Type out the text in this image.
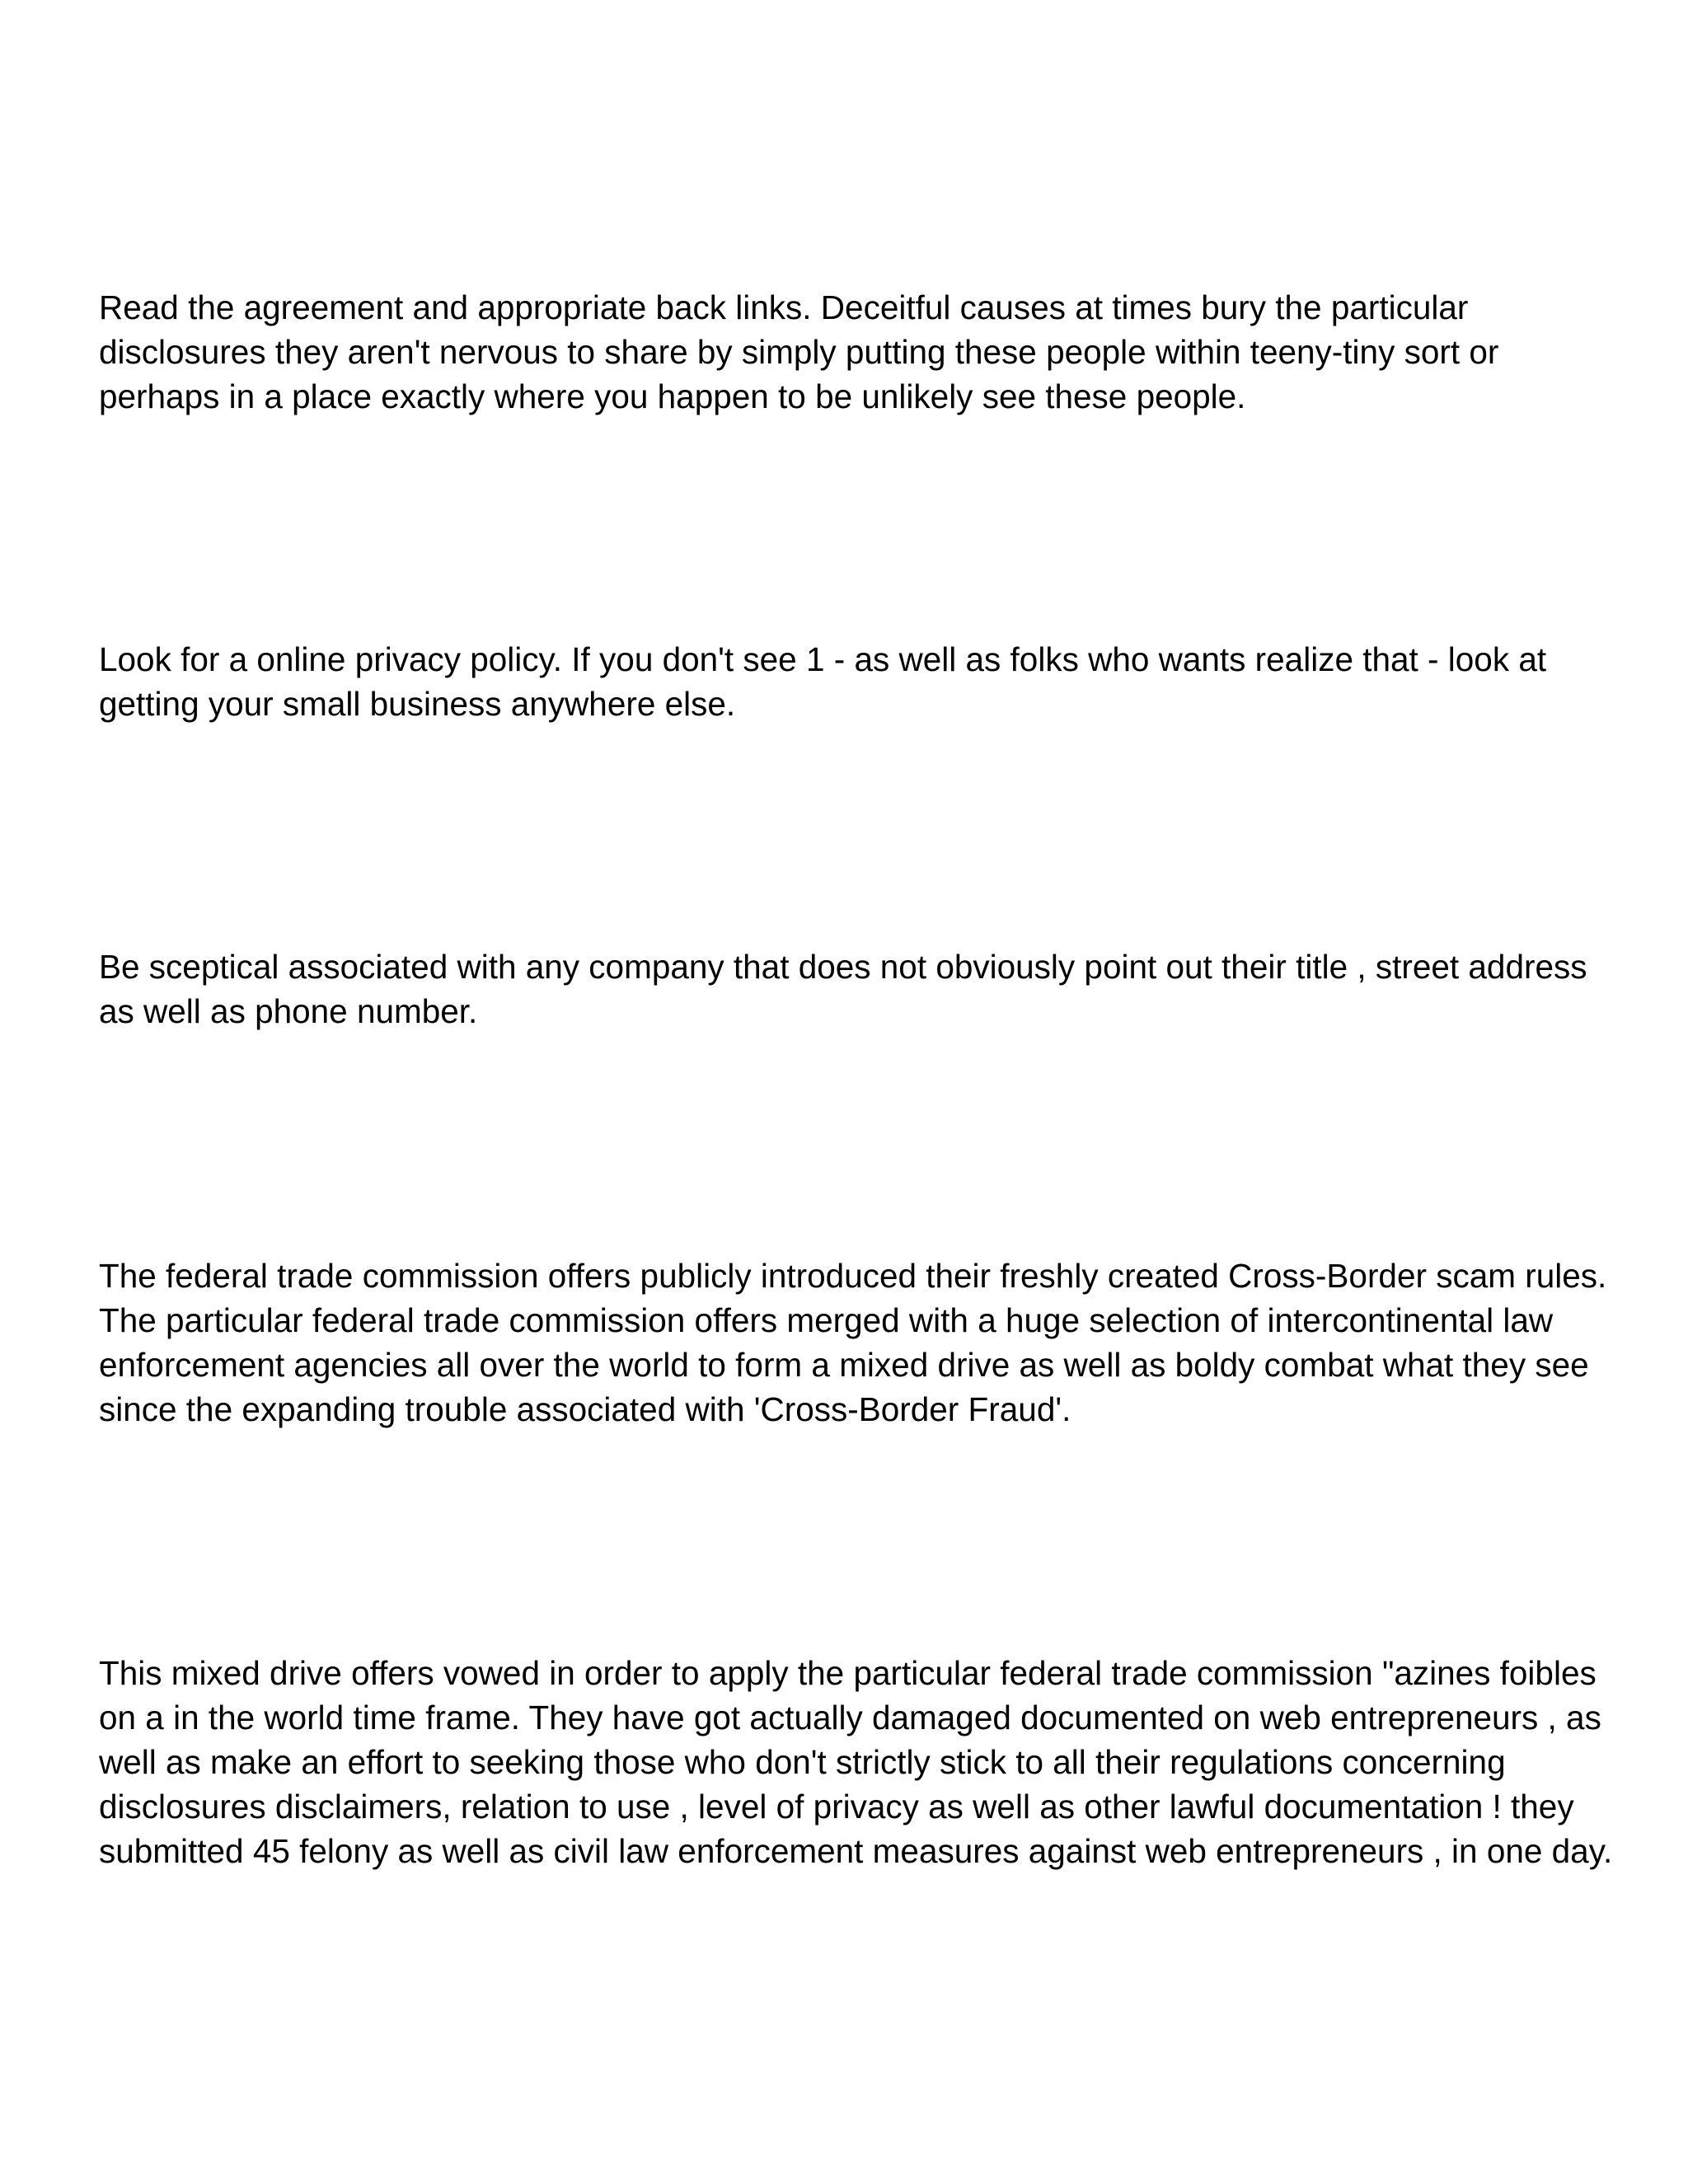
Read the agreement and appropriate back links. Deceitful causes at times bury the particular disclosures they aren't nervous to share by simply putting these people within teeny-tiny sort or perhaps in a place exactly where you happen to be unlikely see these people.

Look for a online privacy policy. If you don't see 1 - as well as folks who wants realize that - look at getting your small business anywhere else.

Be sceptical associated with any company that does not obviously point out their title , street address as well as phone number.

The federal trade commission offers publicly introduced their freshly created Cross-Border scam rules. The particular federal trade commission offers merged with a huge selection of intercontinental law enforcement agencies all over the world to form a mixed drive as well as boldy combat what they see since the expanding trouble associated with 'Cross-Border Fraud'.

This mixed drive offers vowed in order to apply the particular federal trade commission "azines foibles on a in the world time frame. They have got actually damaged documented on web entrepreneurs , as well as make an effort to seeking those who don't strictly stick to all their regulations concerning disclosures disclaimers, relation to use , level of privacy as well as other lawful documentation ! they submitted 45 felony as well as civil law enforcement measures against web entrepreneurs , in one day.
